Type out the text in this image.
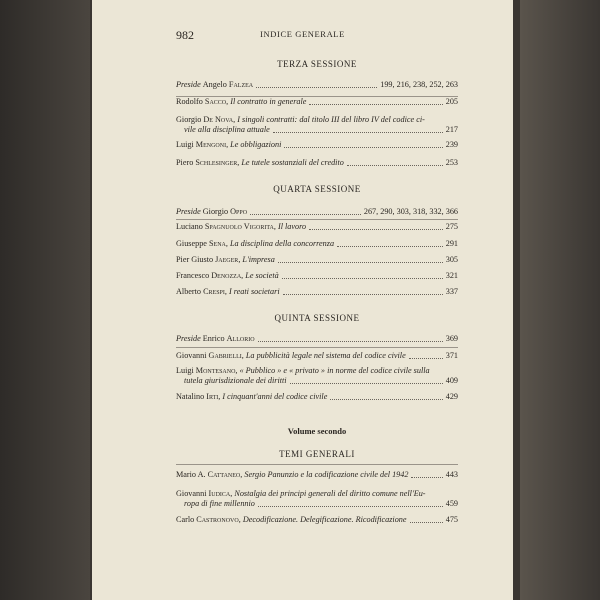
982	INDICE GENERALE
TERZA SESSIONE
Preside Angelo Falzea	199, 216, 238, 252, 263
Rodolfo Sacco, Il contratto in generale	205
Giorgio De Nova, I singoli contratti: dal titolo III del libro IV del codice ci-
vile alla disciplina attuale	217
Luigi Mengoni, Le obbligazioni	239
Piero Schlesinger, Le tutele sostanziali del credito	253
QUARTA SESSIONE
Preside Giorgio Oppo	267, 290, 303, 318, 332, 366
Luciano Spagnuolo Vigorita, Il lavoro	275
Giuseppe Sena, La disciplina della concorrenza	291
Pier Giusto Jaeger, L'impresa	305
Francesco Denozza, Le società	321
Alberto Crespi, I reati societari	337
QUINTA SESSIONE
Preside Enrico Allorio	369
Giovanni Gabrielli, La pubblicità legale nel sistema del codice civile	371
Luigi Montesano, « Pubblico » e « privato » in norme del codice civile sulla
tutela giurisdizionale dei diritti	409
Natalino Irti, I cinquant'anni del codice civile	429
Volume secondo
TEMI GENERALI
Mario A. Cattaneo, Sergio Panunzio e la codificazione civile del 1942	443
Giovanni Iudica, Nostalgia dei principi generali del diritto comune nell'Eu-
ropa di fine millennio	459
Carlo Castronovo, Decodificazione. Delegificazione. Ricodificazione	475
